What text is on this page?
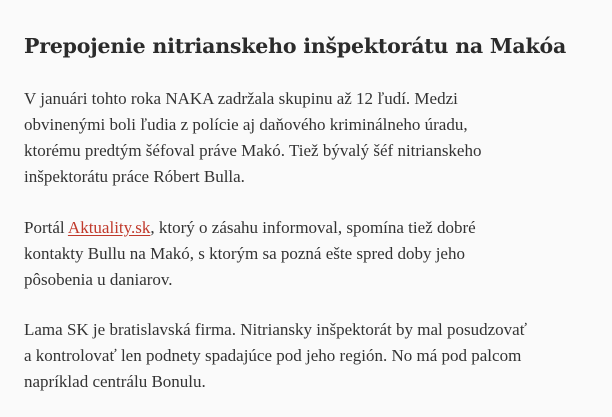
Prepojenie nitrianskeho inšpektorátu na Makóa

V januári tohto roka NAKA zadržala skupinu až 12 ľudí. Medzi
obvinenými boli ľudia z polície aj daňového kriminálneho úradu,
ktorému predtým šéfoval práve Makó. Tiež bývalý šéf nitrianskeho
inšpektorátu práce Róbert Bulla.

Portál Aktuality.sk, ktorý o zásahu informoval, spomína tiež dobré
kontakty Bullu na Makó, s ktorým sa pozná ešte spred doby jeho
pôsobenia u daniarov.

Lama SK je bratislavská firma. Nitriansky inšpektorát by mal posudzovať
a kontrolovať len podnety spadajúce pod jeho región. No má pod palcom
napríklad centrálu Bonulu.
